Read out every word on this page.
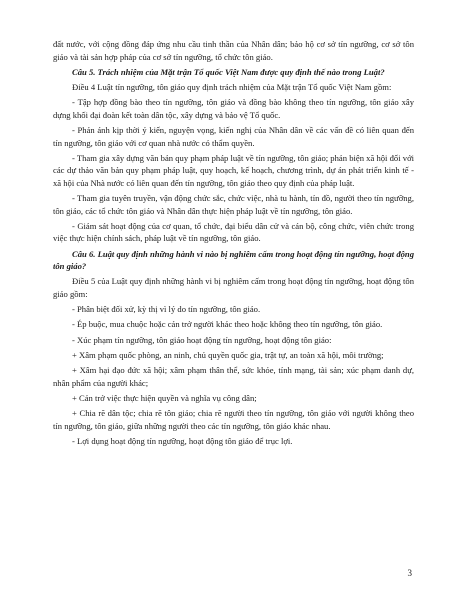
đất nước, với cộng đồng đáp ứng nhu cầu tinh thần của Nhân dân; bảo hộ cơ sở tín ngưỡng, cơ sở tôn giáo và tài sản hợp pháp của cơ sở tín ngưỡng, tổ chức tôn giáo.

Câu 5. Trách nhiệm của Mặt trận Tổ quốc Việt Nam được quy định thế nào trong Luật?

Điều 4 Luật tín ngưỡng, tôn giáo quy định trách nhiệm của Mặt trận Tổ quốc Việt Nam gồm:

- Tập hợp đồng bào theo tín ngưỡng, tôn giáo và đồng bào không theo tín ngưỡng, tôn giáo xây dựng khối đại đoàn kết toàn dân tộc, xây dựng và bảo vệ Tổ quốc.

- Phản ánh kịp thời ý kiến, nguyện vọng, kiến nghị của Nhân dân về các vấn đề có liên quan đến tín ngưỡng, tôn giáo với cơ quan nhà nước có thẩm quyền.

- Tham gia xây dựng văn bản quy phạm pháp luật về tín ngưỡng, tôn giáo; phản biện xã hội đối với các dự thảo văn bản quy phạm pháp luật, quy hoạch, kế hoạch, chương trình, dự án phát triển kinh tế - xã hội của Nhà nước có liên quan đến tín ngưỡng, tôn giáo theo quy định của pháp luật.

- Tham gia tuyên truyền, vận động chức sắc, chức việc, nhà tu hành, tín đồ, người theo tín ngưỡng, tôn giáo, các tổ chức tôn giáo và Nhân dân thực hiện pháp luật về tín ngưỡng, tôn giáo.

- Giám sát hoạt động của cơ quan, tổ chức, đại biểu dân cử và cán bộ, công chức, viên chức trong việc thực hiện chính sách, pháp luật về tín ngưỡng, tôn giáo.

Câu 6. Luật quy định những hành vi nào bị nghiêm cấm trong hoạt động tín ngưỡng, hoạt động tôn giáo?

Điều 5 của Luật quy định những hành vi bị nghiêm cấm trong hoạt động tín ngưỡng, hoạt động tôn giáo gồm:

- Phân biệt đối xử, kỳ thị vì lý do tín ngưỡng, tôn giáo.

- Ép buộc, mua chuộc hoặc cản trở người khác theo hoặc không theo tín ngưỡng, tôn giáo.

- Xúc phạm tín ngưỡng, tôn giáo hoạt động tín ngưỡng, hoạt động tôn giáo:

+ Xâm phạm quốc phòng, an ninh, chủ quyền quốc gia, trật tự, an toàn xã hội, môi trường;

+ Xâm hại đạo đức xã hội; xâm phạm thân thể, sức khỏe, tính mạng, tài sản; xúc phạm danh dự, nhân phẩm của người khác;

+ Cản trở việc thực hiện quyền và nghĩa vụ công dân;

+ Chia rẽ dân tộc; chia rẽ tôn giáo; chia rẽ người theo tín ngưỡng, tôn giáo với người không theo tín ngưỡng, tôn giáo, giữa những người theo các tín ngưỡng, tôn giáo khác nhau.

- Lợi dụng hoạt động tín ngưỡng, hoạt động tôn giáo để trục lợi.

3
